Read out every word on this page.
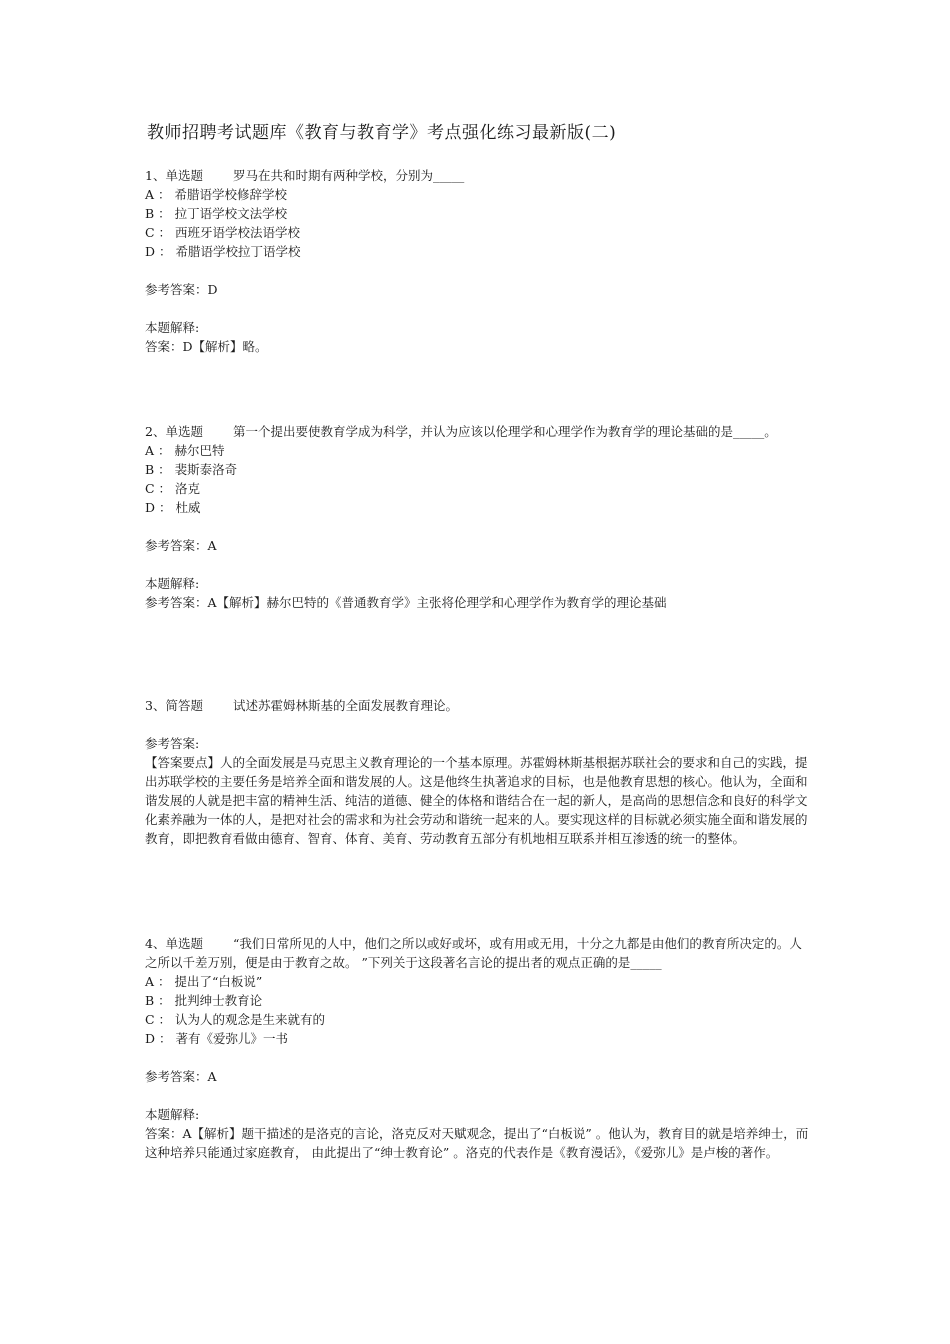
教师招聘考试题库《教育与教育学》考点强化练习最新版(二)
1、单选题 罗马在共和时期有两种学校，分别为_____
A ： 希腊语学校修辞学校
B ： 拉丁语学校文法学校
C ： 西班牙语学校法语学校
D ： 希腊语学校拉丁语学校
参考答案：D
本题解释:
答案：D【解析】略。
2、单选题 第一个提出要使教育学成为科学，并认为应该以伦理学和心理学作为教育学的理论基础的是_____。
A ： 赫尔巴特
B ： 裴斯泰洛奇
C ： 洛克
D ： 杜威
参考答案：A
本题解释:
参考答案：A【解析】赫尔巴特的《普通教育学》主张将伦理学和心理学作为教育学的理论基础
3、简答题 试述苏霍姆林斯基的全面发展教育理论。
参考答案:
【答案要点】人的全面发展是马克思主义教育理论的一个基本原理。苏霍姆林斯基根据苏联社会的要求和自己的实践，提出苏联学校的主要任务是培养全面和谐发展的人。这是他终生执著追求的目标，也是他教育思想的核心。他认为，全面和谐发展的人就是把丰富的精神生活、纯洁的道德、健全的体格和谐结合在一起的新人，是高尚的思想信念和良好的科学文化素养融为一体的人，是把对社会的需求和为社会劳动和谐统一起来的人。要实现这样的目标就必须实施全面和谐发展的教育，即把教育看做由德育、智育、体育、美育、劳动教育五部分有机地相互联系并相互渗透的统一的整体。
4、单选题 “我们日常所见的人中，他们之所以或好或坏，或有用或无用，十分之九都是由他们的教育所决定的。人之所以千差万别，便是由于教育之故。 ”下列关于这段著名言论的提出者的观点正确的是_____
A ： 提出了“白板说”
B ： 批判绅士教育论
C ： 认为人的观念是生来就有的
D ： 著有《爱弥儿》一书
参考答案：A
本题解释:
答案：A【解析】题干描述的是洛克的言论，洛克反对天赋观念，提出了“白板说” 。他认为，教育目的就是培养绅士，而这种培养只能通过家庭教育， 由此提出了“绅士教育论” 。洛克的代表作是《教育漫话》，《爱弥儿》是卢梭的著作。
